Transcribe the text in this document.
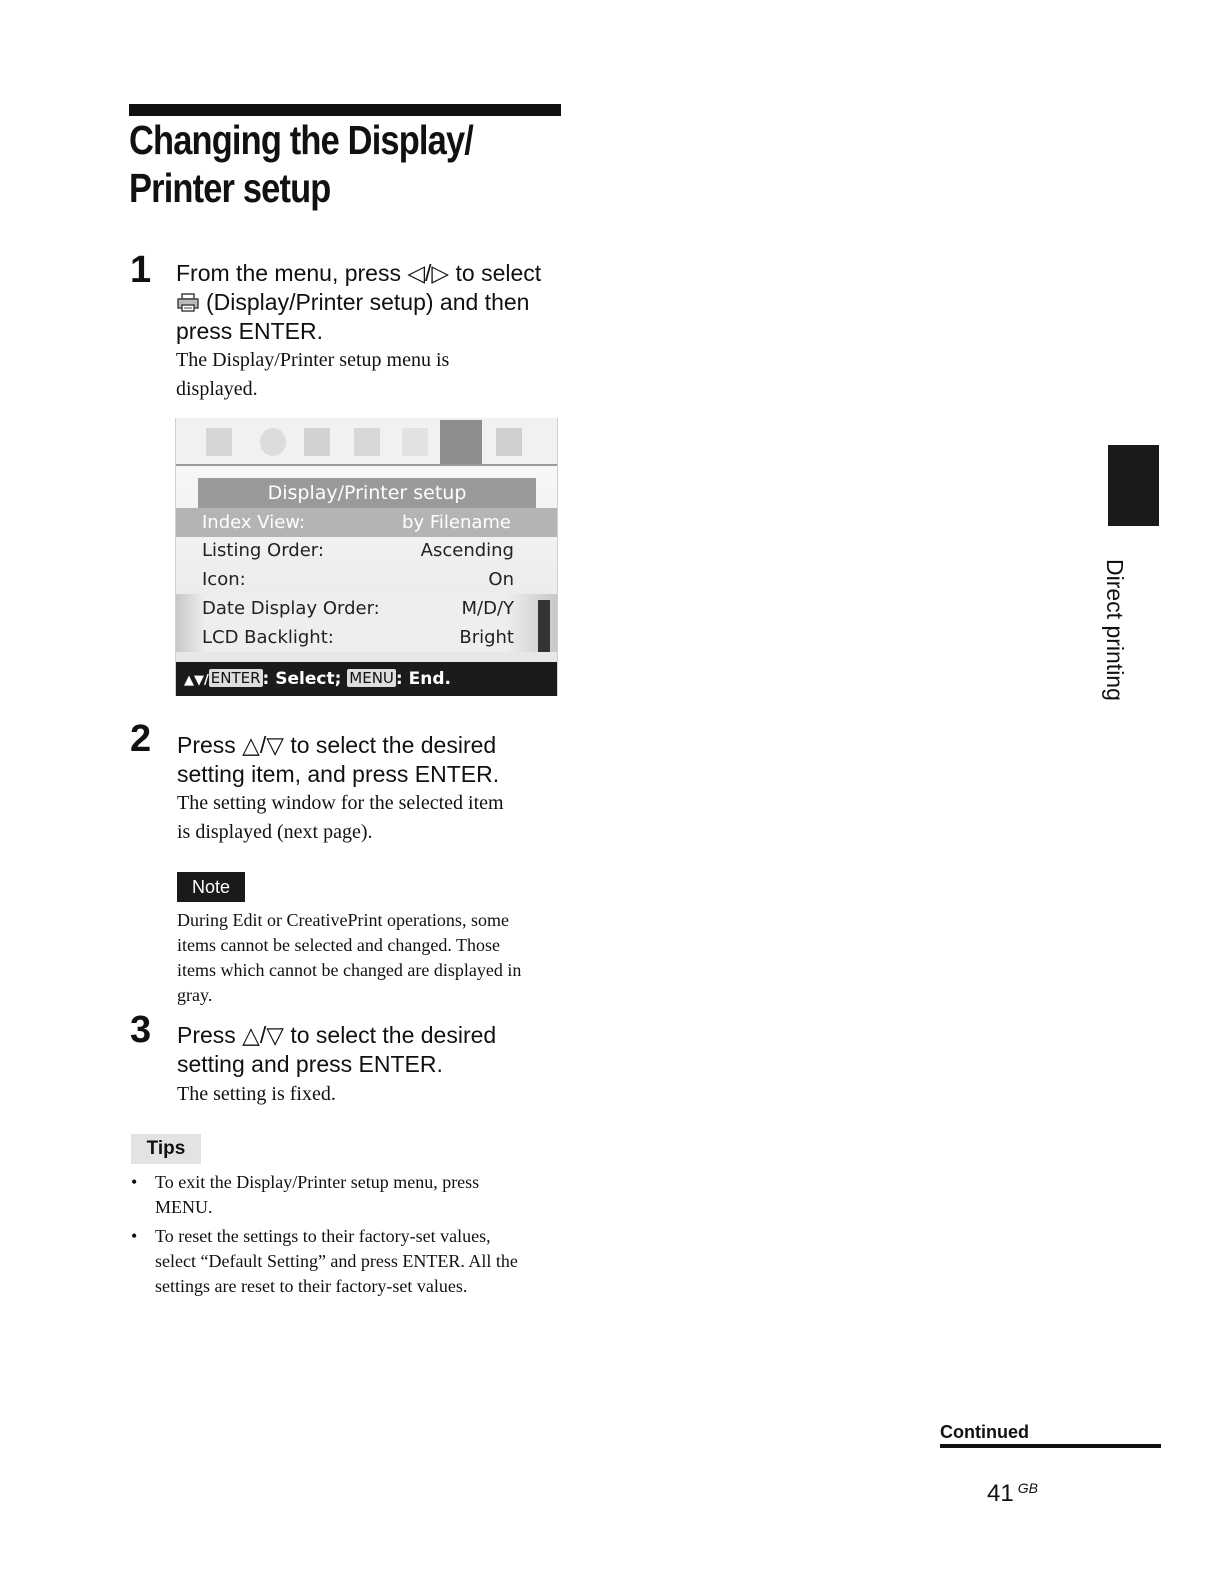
Changing the Display/
Printer setup
1 From the menu, press ◁/▷ to select
(Display/Printer setup) and then
press ENTER.
The Display/Printer setup menu is
displayed.
Display/Printer setup
Index View:	by Filename
Listing Order:	Ascending
Icon:	On
Date Display Order:	M/D/Y
LCD Backlight:	Bright
▲▼/ ENTER : Select; MENU : End.
2 Press △/▽ to select the desired
setting item, and press ENTER.
The setting window for the selected item
is displayed (next page).
Note
During Edit or CreativePrint operations, some
items cannot be selected and changed. Those
items which cannot be changed are displayed in
gray.
3 Press △/▽ to select the desired
setting and press ENTER.
The setting is fixed.
Tips
• To exit the Display/Printer setup menu, press
MENU.
• To reset the settings to their factory-set values,
select “Default Setting” and press ENTER. All the
settings are reset to their factory-set values.
Direct printing
Continued
41 $^{GB}$
